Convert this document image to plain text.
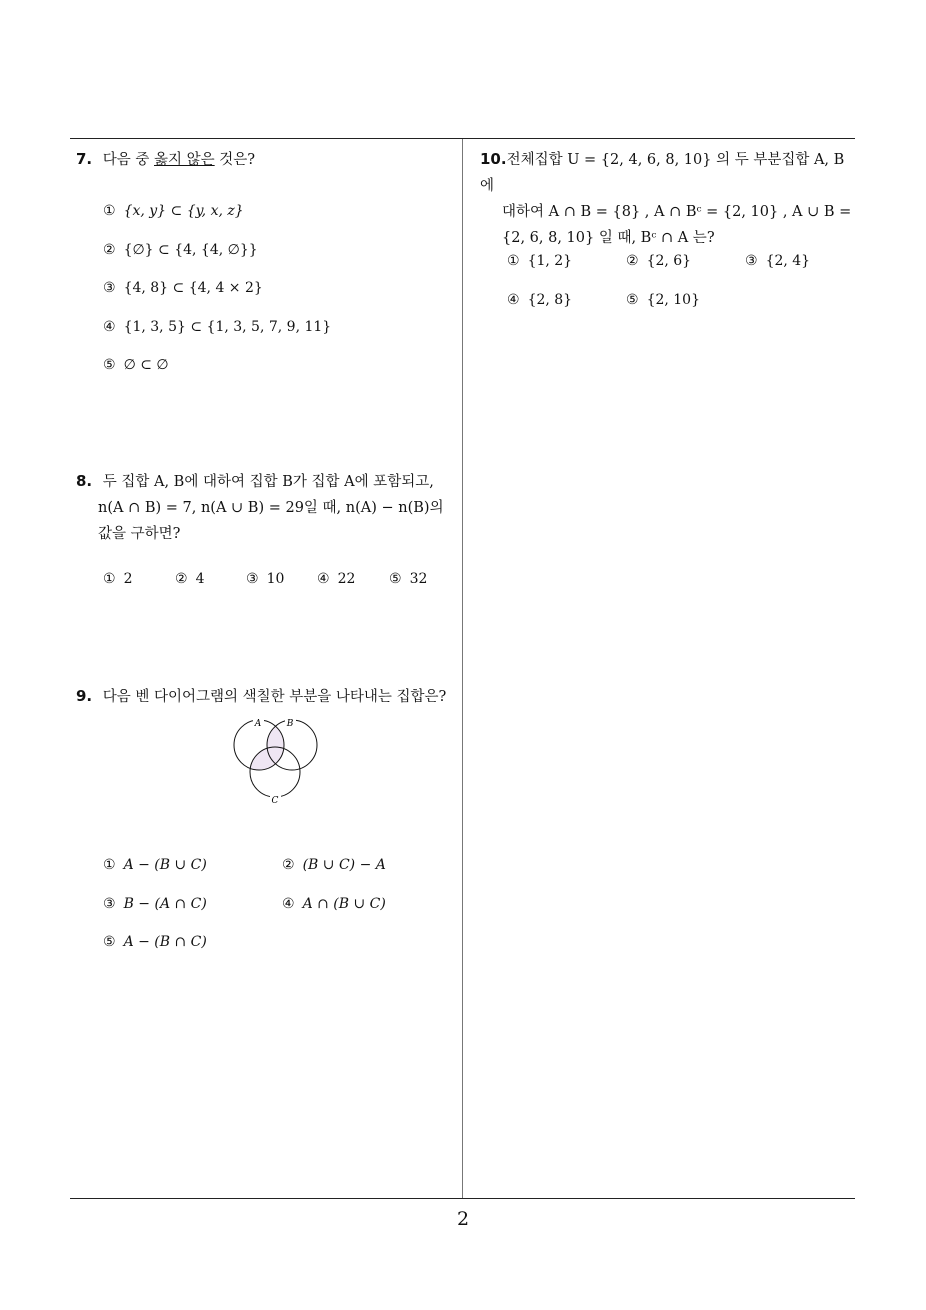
7. 다음 중 옳지 않은 것은?
① {x, y} ⊂ {y, x, z}
② {∅} ⊂ {4, {4, ∅}}
③ {4, 8} ⊂ {4, 4 × 2}
④ {1, 3, 5} ⊂ {1, 3, 5, 7, 9, 11}
⑤ ∅ ⊂ ∅
8. 두 집합 A, B에 대하여 집합 B가 집합 A에 포함되고,
n(A ∩ B) = 7, n(A ∪ B) = 29일 때, n(A) − n(B)의
값을 구하면?
① 2	② 4	③ 10 ④ 22 ⑤ 32
9. 다음 벤 다이어그램의 색칠한 부분을 나타내는 집합은?
A	B
C
① A − (B ∪ C)	② (B ∪ C) − A
③ B − (A ∩ C)	④ A ∩ (B ∪ C)
⑤ A − (B ∩ C)
10.전체집합 U = {2, 4, 6, 8, 10} 의 두 부분집합 A, B 에
대하여 A ∩ B = {8} , A ∩ Bᶜ = {2, 10} , A ∪ B =
{2, 6, 8, 10} 일 때, Bᶜ ∩ A 는?
① {1, 2}	② {2, 6}	③ {2, 4}
④ {2, 8}	⑤ {2, 10}
2
